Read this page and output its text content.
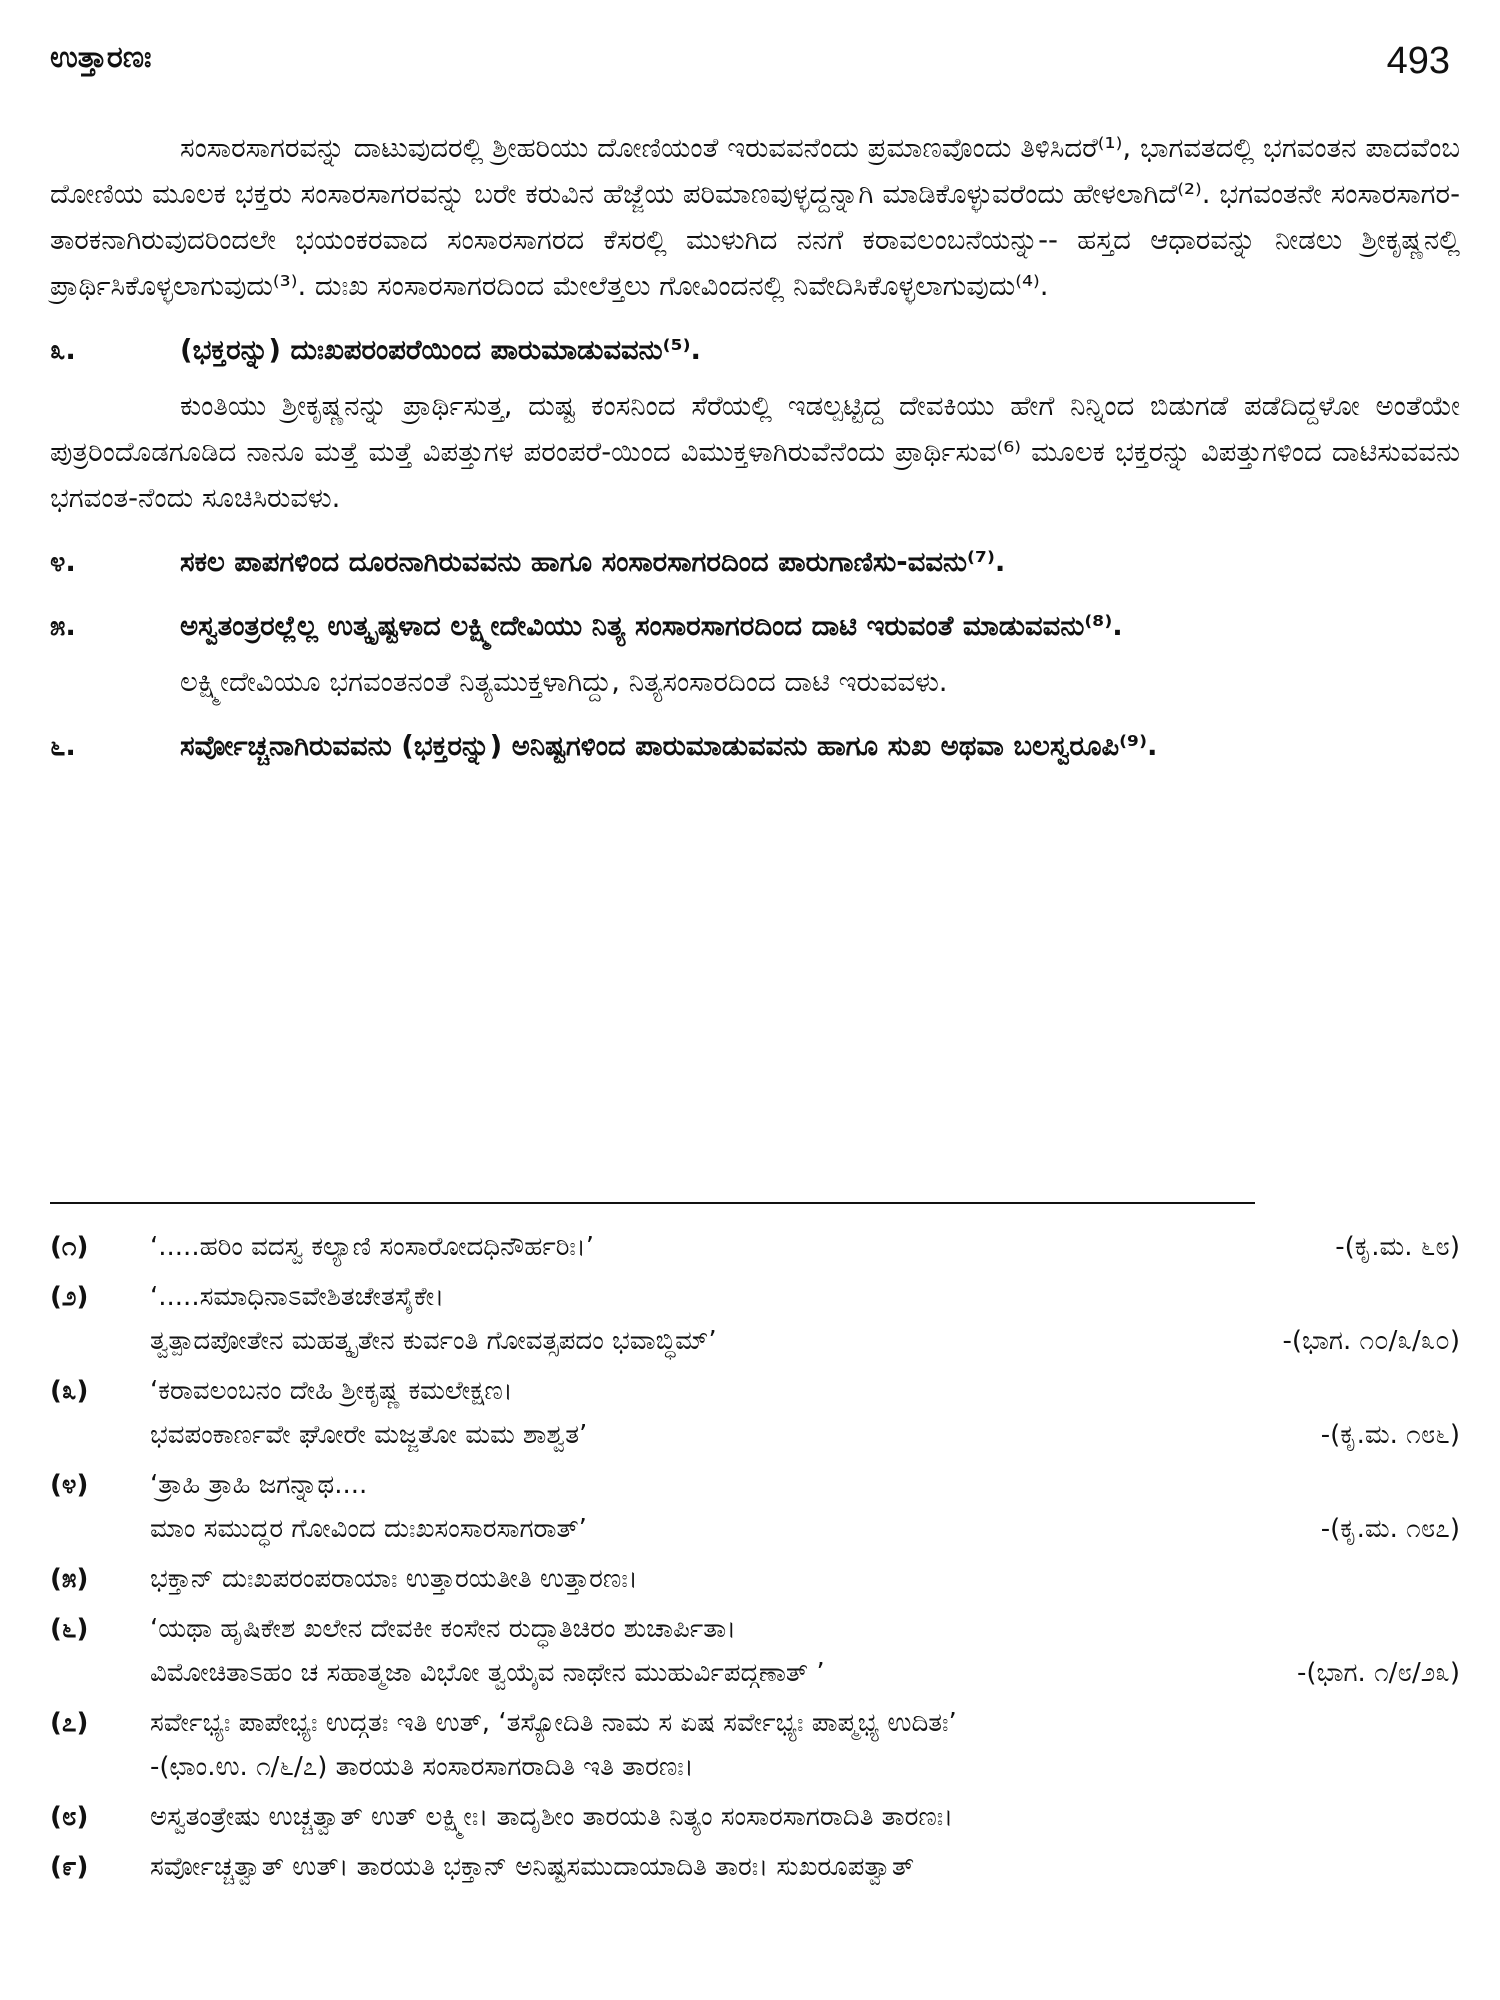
ಉತ್ತಾರಣಃ	493

ಸಂಸಾರಸಾಗರವನ್ನು ದಾಟುವುದರಲ್ಲಿ ಶ್ರೀಹರಿಯು ದೋಣಿಯಂತೆ ಇರುವವನೆಂದು ಪ್ರಮಾಣವೊಂದು ತಿಳಿಸಿದರೆ⁽¹⁾, ಭಾಗವತದಲ್ಲಿ ಭಗವಂತನ ಪಾದವೆಂಬ ದೋಣಿಯ ಮೂಲಕ ಭಕ್ತರು ಸಂಸಾರಸಾಗರವನ್ನು ಬರೇ ಕರುವಿನ ಹೆಜ್ಜೆಯ ಪರಿಮಾಣವುಳ್ಳದ್ದನ್ನಾಗಿ ಮಾಡಿಕೊಳ್ಳುವರೆಂದು ಹೇಳಲಾಗಿದೆ⁽²⁾. ಭಗವಂತನೇ ಸಂಸಾರಸಾಗರ-ತಾರಕನಾಗಿರುವುದರಿಂದಲೇ ಭಯಂಕರವಾದ ಸಂಸಾರಸಾಗರದ ಕೆಸರಲ್ಲಿ ಮುಳುಗಿದ ನನಗೆ ಕರಾವಲಂಬನೆಯನ್ನು-- ಹಸ್ತದ ಆಧಾರವನ್ನು ನೀಡಲು ಶ್ರೀಕೃಷ್ಣನಲ್ಲಿ ಪ್ರಾರ್ಥಿಸಿಕೊಳ್ಳಲಾಗುವುದು⁽³⁾. ದುಃಖ ಸಂಸಾರಸಾಗರದಿಂದ ಮೇಲೆತ್ತಲು ಗೋವಿಂದನಲ್ಲಿ ನಿವೇದಿಸಿಕೊಳ್ಳಲಾಗುವುದು⁽⁴⁾.

೩.	(ಭಕ್ತರನ್ನು) ದುಃಖಪರಂಪರೆಯಿಂದ ಪಾರುಮಾಡುವವನು⁽⁵⁾.

ಕುಂತಿಯು ಶ್ರೀಕೃಷ್ಣನನ್ನು ಪ್ರಾರ್ಥಿಸುತ್ತ, ದುಷ್ಟ ಕಂಸನಿಂದ ಸೆರೆಯಲ್ಲಿ ಇಡಲ್ಪಟ್ಟಿದ್ದ ದೇವಕಿಯು ಹೇಗೆ ನಿನ್ನಿಂದ ಬಿಡುಗಡೆ ಪಡೆದಿದ್ದಳೋ ಅಂತೆಯೇ ಪುತ್ರರಿಂದೊಡಗೂಡಿದ ನಾನೂ ಮತ್ತೆ ಮತ್ತೆ ವಿಪತ್ತುಗಳ ಪರಂಪರೆ-ಯಿಂದ ವಿಮುಕ್ತಳಾಗಿರುವೆನೆಂದು ಪ್ರಾರ್ಥಿಸುವ⁽⁶⁾ ಮೂಲಕ ಭಕ್ತರನ್ನು ವಿಪತ್ತುಗಳಿಂದ ದಾಟಿಸುವವನು ಭಗವಂತ-ನೆಂದು ಸೂಚಿಸಿರುವಳು.

೪.	ಸಕಲ ಪಾಪಗಳಿಂದ ದೂರನಾಗಿರುವವನು ಹಾಗೂ ಸಂಸಾರಸಾಗರದಿಂದ ಪಾರುಗಾಣಿಸು-ವವನು⁽⁷⁾.
೫.	ಅಸ್ವತಂತ್ರರಲ್ಲೆಲ್ಲ ಉತ್ಕೃಷ್ಟಳಾದ ಲಕ್ಷ್ಮೀದೇವಿಯು ನಿತ್ಯ ಸಂಸಾರಸಾಗರದಿಂದ ದಾಟಿ ಇರುವಂತೆ ಮಾಡುವವನು⁽⁸⁾.

ಲಕ್ಷ್ಮೀದೇವಿಯೂ ಭಗವಂತನಂತೆ ನಿತ್ಯಮುಕ್ತಳಾಗಿದ್ದು, ನಿತ್ಯಸಂಸಾರದಿಂದ ದಾಟಿ ಇರುವವಳು.

೬.	ಸರ್ವೋಚ್ಚನಾಗಿರುವವನು (ಭಕ್ತರನ್ನು) ಅನಿಷ್ಟಗಳಿಂದ ಪಾರುಮಾಡುವವನು ಹಾಗೂ ಸುಖ ಅಥವಾ ಬಲಸ್ವರೂಪಿ⁽⁹⁾.
(೧)	‘.....ಹರಿಂ ವದಸ್ವ ಕಲ್ಯಾಣಿ ಸಂಸಾರೋದಧಿನೌರ್ಹರಿಃ।’	-(ಕೃ.ಮ. ೬೮)
(೨)	‘.....ಸಮಾಧಿನಾಽವೇಶಿತಚೇತಸೈಕೇ।
ತ್ವತ್ಪಾದಪೋತೇನ ಮಹತ್ಕೃತೇನ ಕುರ್ವಂತಿ ಗೋವತ್ಸಪದಂ ಭವಾಬ್ಧಿಮ್’	-(ಭಾಗ. ೧೦/೩/೩೦)
(೩)	‘ಕರಾವಲಂಬನಂ ದೇಹಿ ಶ್ರೀಕೃಷ್ಣ ಕಮಲೇಕ್ಷಣ।
ಭವಪಂಕಾರ್ಣವೇ ಘೋರೇ ಮಜ್ಜತೋ ಮಮ ಶಾಶ್ವತ’	-(ಕೃ.ಮ. ೧೮೬)
(೪)	‘ತ್ರಾಹಿ ತ್ರಾಹಿ ಜಗನ್ನಾಥ....
ಮಾಂ ಸಮುದ್ಧರ ಗೋವಿಂದ ದುಃಖಸಂಸಾರಸಾಗರಾತ್’	-(ಕೃ.ಮ. ೧೮೭)
(೫)	ಭಕ್ತಾನ್ ದುಃಖಪರಂಪರಾಯಾಃ ಉತ್ತಾರಯತೀತಿ ಉತ್ತಾರಣಃ।
(೬)	‘ಯಥಾ ಹೃಷಿಕೇಶ ಖಲೇನ ದೇವಕೀ ಕಂಸೇನ ರುದ್ಧಾತಿಚಿರಂ ಶುಚಾರ್ಪಿತಾ।
ವಿಮೋಚಿತಾಽಹಂ ಚ ಸಹಾತ್ಮಜಾ ವಿಭೋ ತ್ವಯೈವ ನಾಥೇನ ಮುಹುರ್ವಿಪದ್ಗಣಾತ್ ’	-(ಭಾಗ. ೧/೮/೨೩)
(೭)	ಸರ್ವೇಭ್ಯಃ ಪಾಪೇಭ್ಯಃ ಉದ್ಗತಃ ಇತಿ ಉತ್, ‘ತಸ್ಯೋದಿತಿ ನಾಮ ಸ ಏಷ ಸರ್ವೇಭ್ಯಃ ಪಾಪ್ಮಭ್ಯ ಉದಿತಃ’
-(ಛಾಂ.ಉ. ೧/೬/೭) ತಾರಯತಿ ಸಂಸಾರಸಾಗರಾದಿತಿ ಇತಿ ತಾರಣಃ।
(೮)	ಅಸ್ವತಂತ್ರೇಷು ಉಚ್ಚತ್ವಾತ್ ಉತ್ ಲಕ್ಷ್ಮೀಃ। ತಾದೃಶೀಂ ತಾರಯತಿ ನಿತ್ಯಂ ಸಂಸಾರಸಾಗರಾದಿತಿ ತಾರಣಃ।
(೯)	ಸರ್ವೋಚ್ಚತ್ವಾತ್ ಉತ್। ತಾರಯತಿ ಭಕ್ತಾನ್ ಅನಿಷ್ಟಸಮುದಾಯಾದಿತಿ ತಾರಃ। ಸುಖರೂಪತ್ವಾತ್
